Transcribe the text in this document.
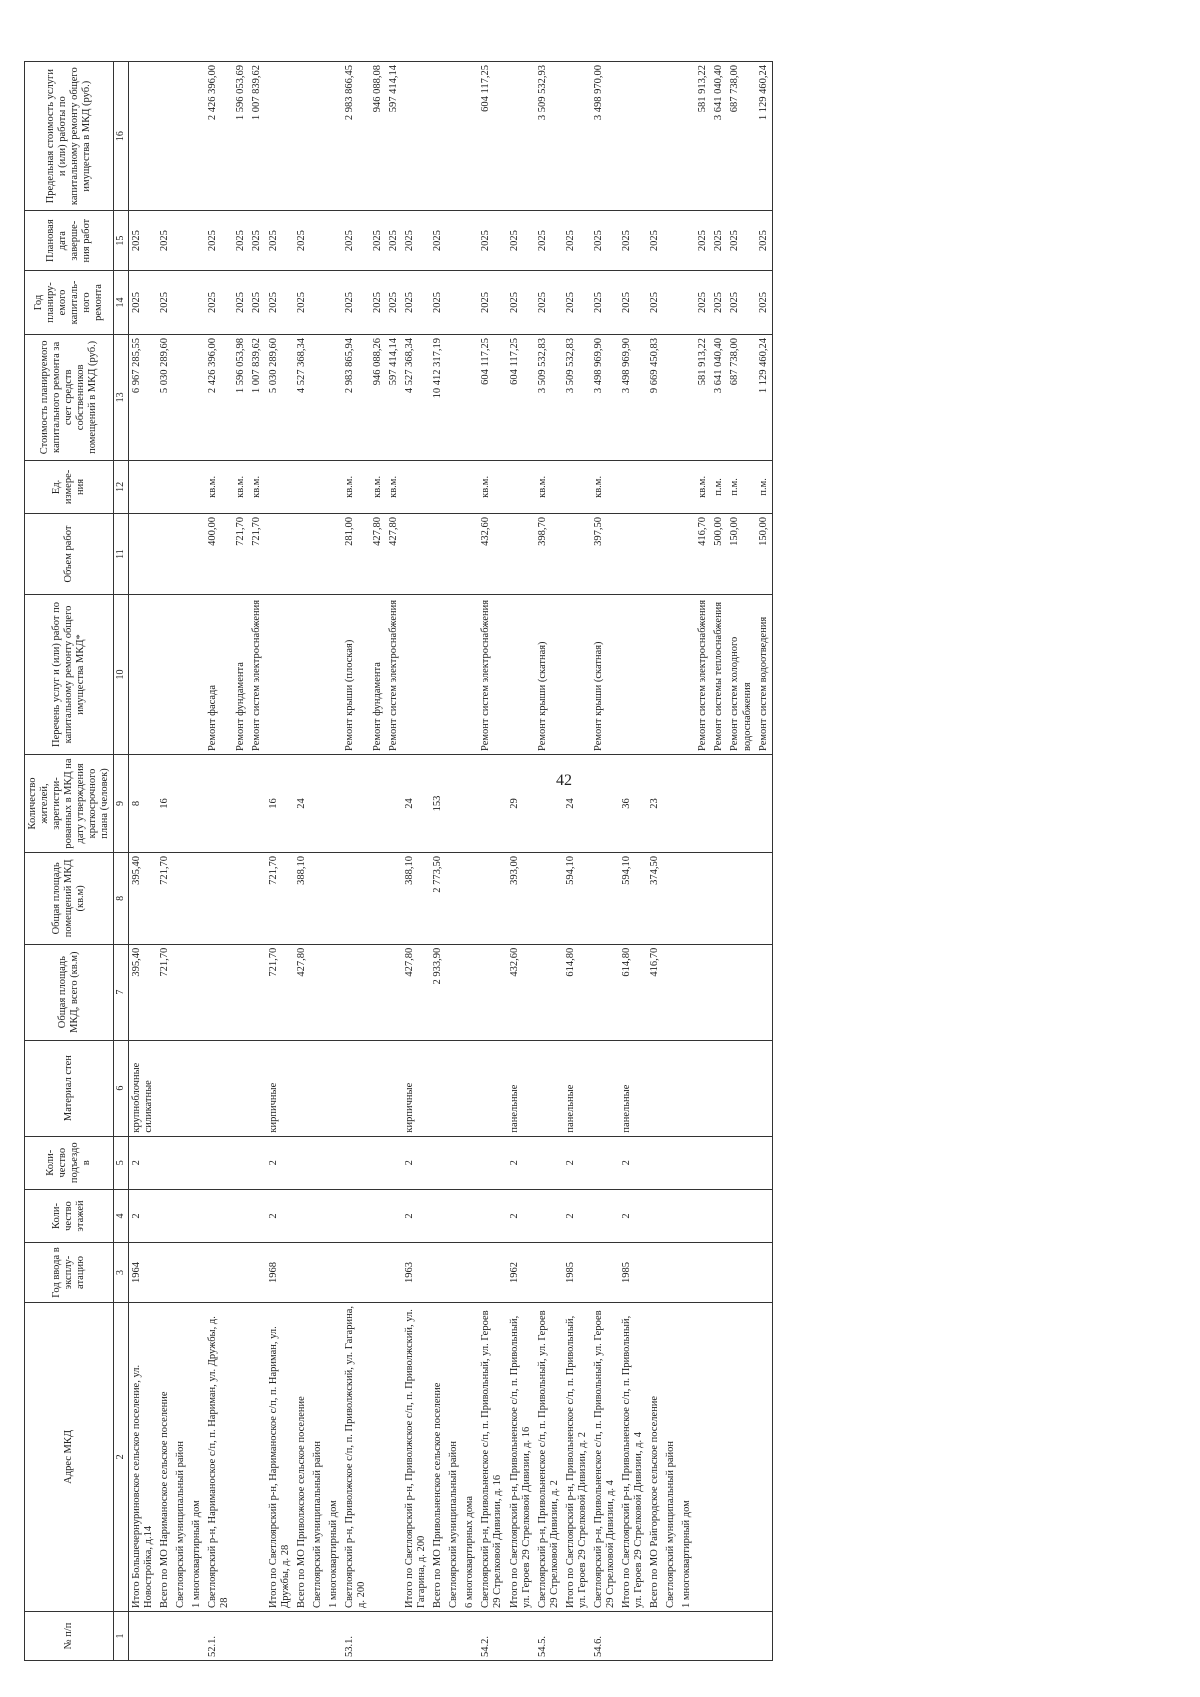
42
№ п/п	Адрес МКД	Год ввода в эксплу-атацию	Коли-чество этажей	Коли-чество подъездо в	Материал стен	Общая площадь МКД, всего (кв.м)	Общая площадь помещений МКД (кв.м)	Количество жителей, зарегистри-рованных в МКД на дату утверждения краткосрочного плана (человек)	Перечень услуг и (или) работ по капитальному ремонту общего имущества МКД*	Объем работ	Ед. измере-ния	Стоимость планируемого капитального ремонта за счет средств собственников помещений в МКД (руб.)	Год планиру-емого капиталь-ного ремонта	Плановая дата заверше-ния работ	Предельная стоимость услуги и (или) работы по капитальному ремонту общего имущества в МКД (руб.)
1	2	3	4	5	6	7	8	9	10	11	12	13	14	15	16
	Итого Большечернуриновское сельское поселение, ул. Новостройка, д.14	1964	2	2	крупноблочные силикатные	395,40	395,40	8				6 967 285,55	2025	2025	
	Всего по МО Нариманоское сельское поселение					721,70	721,70	16				5 030 289,60	2025	2025	
	Светлоярский муниципальный район														
	1 многоквартирный дом														
52.1.	Светлоярский р-н, Нариманоское с/п, п. Нариман, ул. Дружбы, д. 28								Ремонт фасада	400,00	кв.м.	2 426 396,00	2025	2025	2 426 396,00
									Ремонт фундамента	721,70	кв.м.	1 596 053,98	2025	2025	1 596 053,69
									Ремонт систем электроснабжения	721,70	кв.м.	1 007 839,62	2025	2025	1 007 839,62
	Итого по Светлоярский р-н, Нариманоское с/п, п. Нариман, ул. Дружбы, д. 28	1968	2	2	кирпичные	721,70	721,70	16				5 030 289,60	2025	2025	
	Всего по МО Приволжское сельское поселение					427,80	388,10	24				4 527 368,34	2025	2025	
	Светлоярский муниципальный район														
	1 многоквартирный дом														
53.1.	Светлоярский р-н, Приволжское с/п, п. Приволжский, ул. Гагарина, д. 200								Ремонт крыши (плоская)	281,00	кв.м.	2 983 865,94	2025	2025	2 983 866,45
									Ремонт фундамента	427,80	кв.м.	946 088,26	2025	2025	946 088,08
									Ремонт систем электроснабжения	427,80	кв.м.	597 414,14	2025	2025	597 414,14
	Итого по Светлоярский р-н, Приволжское с/п, п. Приволжский, ул. Гагарина, д. 200	1963	2	2	кирпичные	427,80	388,10	24				4 527 368,34	2025	2025	
	Всего по МО Привольненское сельское поселение					2 933,90	2 773,50	153				10 412 317,19	2025	2025	
	Светлоярский муниципальный район														
	6 многоквартирных дома														
54.2.	Светлоярский р-н, Привольненское с/п, п. Привольный, ул. Героев 29 Стрелковой Дивизии, д. 16								Ремонт систем электроснабжения	432,60	кв.м.	604 117,25	2025	2025	604 117,25
	Итого по Светлоярский р-н, Привольненское с/п, п. Привольный, ул. Героев 29 Стрелковой Дивизии, д. 16	1962	2	2	панельные	432,60	393,00	29				604 117,25	2025	2025	
54.5.	Светлоярский р-н, Привольненское с/п, п. Привольный, ул. Героев 29 Стрелковой Дивизии, д. 2								Ремонт крыши (скатная)	398,70	кв.м.	3 509 532,83	2025	2025	3 509 532,93
	Итого по Светлоярский р-н, Привольненское с/п, п. Привольный, ул. Героев 29 Стрелковой Дивизии, д. 2	1985	2	2	панельные	614,80	594,10	24				3 509 532,83	2025	2025	
54.6.	Светлоярский р-н, Привольненское с/п, п. Привольный, ул. Героев 29 Стрелковой Дивизии, д. 4								Ремонт крыши (скатная)	397,50	кв.м.	3 498 969,90	2025	2025	3 498 970,00
	Итого по Светлоярский р-н, Привольненское с/п, п. Привольный, ул. Героев 29 Стрелковой Дивизии, д. 4	1985	2	2	панельные	614,80	594,10	36				3 498 969,90	2025	2025	
	Всего по МО Райгородское сельское поселение					416,70	374,50	23				9 669 450,83	2025	2025	
	Светлоярский муниципальный район														
	1 многоквартирный дом														
									Ремонт систем электроснабжения	416,70	кв.м.	581 913,22	2025	2025	581 913,22
									Ремонт системы теплоснабжения	500,00	п.м.	3 641 040,40	2025	2025	3 641 040,40
									Ремонт систем холодного водоснабжения	150,00	п.м.	687 738,00	2025	2025	687 738,00
									Ремонт систем водоотведения	150,00	п.м.	1 129 460,24	2025	2025	1 129 460,24
